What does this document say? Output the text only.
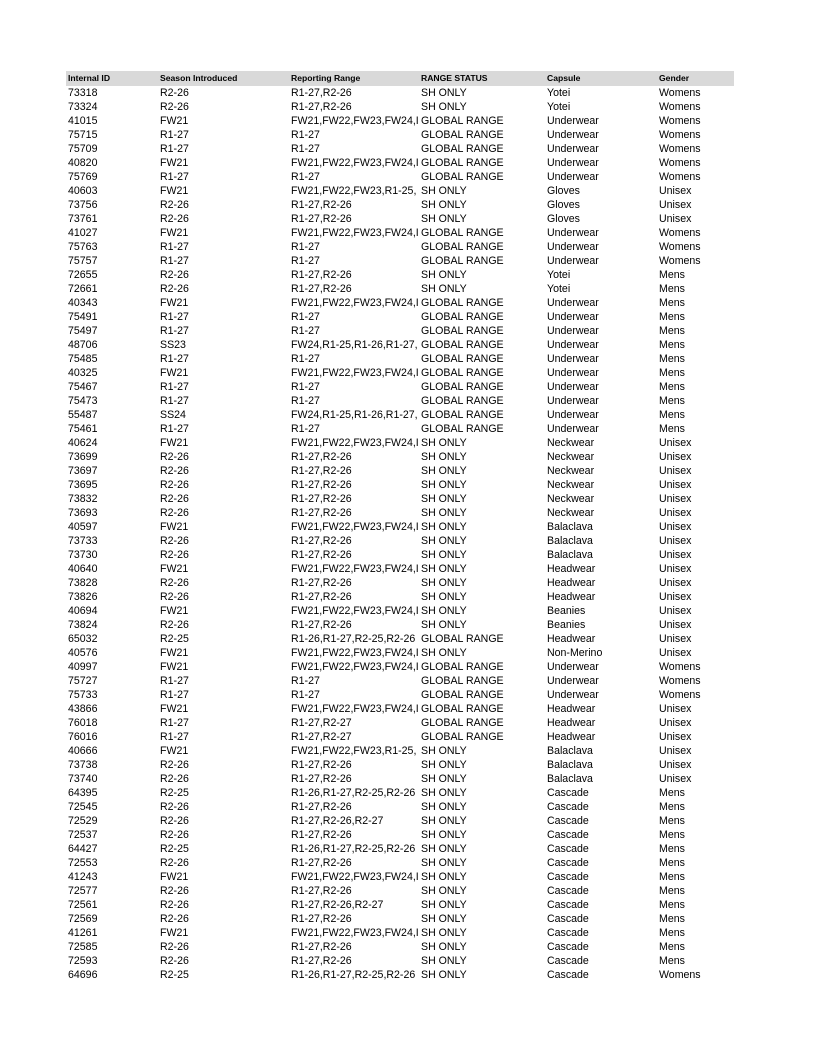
Internal ID	Season Introduced	Reporting Range	RANGE STATUS	Capsule	Gender
73318	R2-26	R1-27,R2-26	SH ONLY	Yotei	Womens
73324	R2-26	R1-27,R2-26	SH ONLY	Yotei	Womens
41015	FW21	FW21,FW22,FW23,FW24,I GLOBAL RANGE	Underwear	Womens
75715	R1-27	R1-27	GLOBAL RANGE	Underwear	Womens
75709	R1-27	R1-27	GLOBAL RANGE	Underwear	Womens
40820	FW21	FW21,FW22,FW23,FW24,I GLOBAL RANGE	Underwear	Womens
75769	R1-27	R1-27	GLOBAL RANGE	Underwear	Womens
40603	FW21	FW21,FW22,FW23,R1-25, SH ONLY	Gloves	Unisex
73756	R2-26	R1-27,R2-26	SH ONLY	Gloves	Unisex
73761	R2-26	R1-27,R2-26	SH ONLY	Gloves	Unisex
41027	FW21	FW21,FW22,FW23,FW24,I GLOBAL RANGE	Underwear	Womens
75763	R1-27	R1-27	GLOBAL RANGE	Underwear	Womens
75757	R1-27	R1-27	GLOBAL RANGE	Underwear	Womens
72655	R2-26	R1-27,R2-26	SH ONLY	Yotei	Mens
72661	R2-26	R1-27,R2-26	SH ONLY	Yotei	Mens
40343	FW21	FW21,FW22,FW23,FW24,I GLOBAL RANGE	Underwear	Mens
75491	R1-27	R1-27	GLOBAL RANGE	Underwear	Mens
75497	R1-27	R1-27	GLOBAL RANGE	Underwear	Mens
48706	SS23	FW24,R1-25,R1-26,R1-27, GLOBAL RANGE	Underwear	Mens
75485	R1-27	R1-27	GLOBAL RANGE	Underwear	Mens
40325	FW21	FW21,FW22,FW23,FW24,I GLOBAL RANGE	Underwear	Mens
75467	R1-27	R1-27	GLOBAL RANGE	Underwear	Mens
75473	R1-27	R1-27	GLOBAL RANGE	Underwear	Mens
55487	SS24	FW24,R1-25,R1-26,R1-27, GLOBAL RANGE	Underwear	Mens
75461	R1-27	R1-27	GLOBAL RANGE	Underwear	Mens
40624	FW21	FW21,FW22,FW23,FW24,I SH ONLY	Neckwear	Unisex
73699	R2-26	R1-27,R2-26	SH ONLY	Neckwear	Unisex
73697	R2-26	R1-27,R2-26	SH ONLY	Neckwear	Unisex
73695	R2-26	R1-27,R2-26	SH ONLY	Neckwear	Unisex
73832	R2-26	R1-27,R2-26	SH ONLY	Neckwear	Unisex
73693	R2-26	R1-27,R2-26	SH ONLY	Neckwear	Unisex
40597	FW21	FW21,FW22,FW23,FW24,I SH ONLY	Balaclava	Unisex
73733	R2-26	R1-27,R2-26	SH ONLY	Balaclava	Unisex
73730	R2-26	R1-27,R2-26	SH ONLY	Balaclava	Unisex
40640	FW21	FW21,FW22,FW23,FW24,I SH ONLY	Headwear	Unisex
73828	R2-26	R1-27,R2-26	SH ONLY	Headwear	Unisex
73826	R2-26	R1-27,R2-26	SH ONLY	Headwear	Unisex
40694	FW21	FW21,FW22,FW23,FW24,I SH ONLY	Beanies	Unisex
73824	R2-26	R1-27,R2-26	SH ONLY	Beanies	Unisex
65032	R2-25	R1-26,R1-27,R2-25,R2-26 GLOBAL RANGE	Headwear	Unisex
40576	FW21	FW21,FW22,FW23,FW24,I SH ONLY	Non-Merino	Unisex
40997	FW21	FW21,FW22,FW23,FW24,I GLOBAL RANGE	Underwear	Womens
75727	R1-27	R1-27	GLOBAL RANGE	Underwear	Womens
75733	R1-27	R1-27	GLOBAL RANGE	Underwear	Womens
43866	FW21	FW21,FW22,FW23,FW24,I GLOBAL RANGE	Headwear	Unisex
76018	R1-27	R1-27,R2-27	GLOBAL RANGE	Headwear	Unisex
76016	R1-27	R1-27,R2-27	GLOBAL RANGE	Headwear	Unisex
40666	FW21	FW21,FW22,FW23,R1-25, SH ONLY	Balaclava	Unisex
73738	R2-26	R1-27,R2-26	SH ONLY	Balaclava	Unisex
73740	R2-26	R1-27,R2-26	SH ONLY	Balaclava	Unisex
64395	R2-25	R1-26,R1-27,R2-25,R2-26 SH ONLY	Cascade	Mens
72545	R2-26	R1-27,R2-26	SH ONLY	Cascade	Mens
72529	R2-26	R1-27,R2-26,R2-27	SH ONLY	Cascade	Mens
72537	R2-26	R1-27,R2-26	SH ONLY	Cascade	Mens
64427	R2-25	R1-26,R1-27,R2-25,R2-26 SH ONLY	Cascade	Mens
72553	R2-26	R1-27,R2-26	SH ONLY	Cascade	Mens
41243	FW21	FW21,FW22,FW23,FW24,I SH ONLY	Cascade	Mens
72577	R2-26	R1-27,R2-26	SH ONLY	Cascade	Mens
72561	R2-26	R1-27,R2-26,R2-27	SH ONLY	Cascade	Mens
72569	R2-26	R1-27,R2-26	SH ONLY	Cascade	Mens
41261	FW21	FW21,FW22,FW23,FW24,I SH ONLY	Cascade	Mens
72585	R2-26	R1-27,R2-26	SH ONLY	Cascade	Mens
72593	R2-26	R1-27,R2-26	SH ONLY	Cascade	Mens
64696	R2-25	R1-26,R1-27,R2-25,R2-26 SH ONLY	Cascade	Womens
